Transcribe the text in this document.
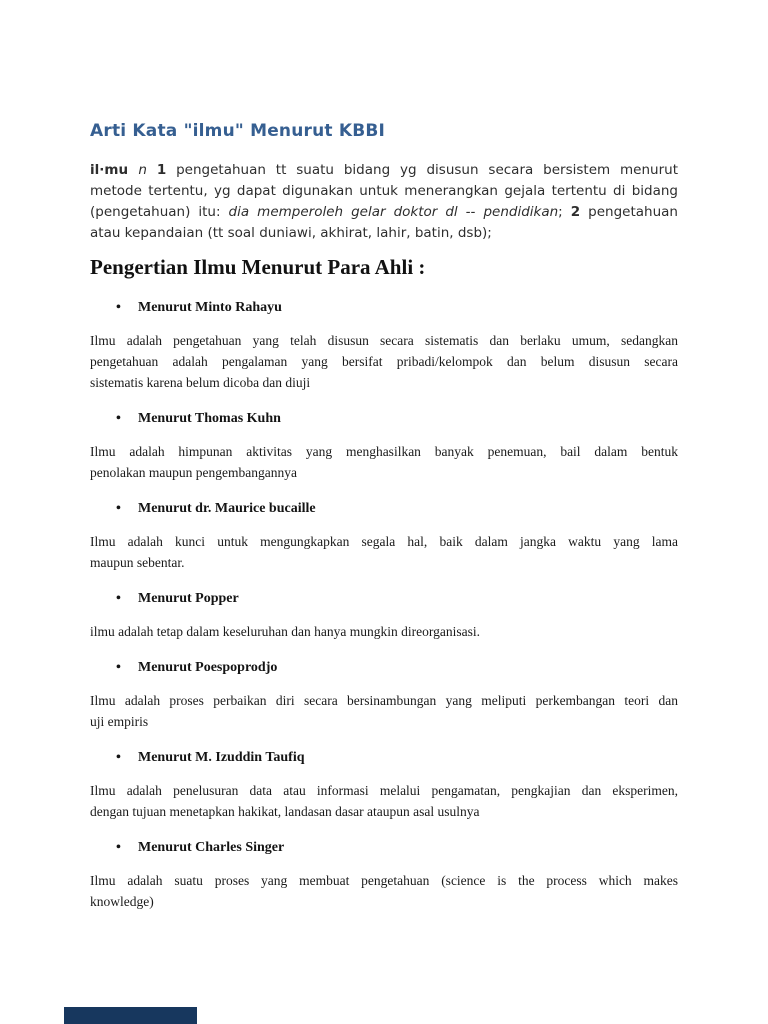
Arti Kata "ilmu" Menurut KBBI
il·mu n 1 pengetahuan tt suatu bidang yg disusun secara bersistem menurut
metode tertentu, yg dapat digunakan untuk menerangkan gejala tertentu di bidang
(pengetahuan) itu: dia memperoleh gelar doktor dl -- pendidikan; 2 pengetahuan
atau kepandaian (tt soal duniawi, akhirat, lahir, batin, dsb);
Pengertian Ilmu Menurut Para Ahli :
• Menurut Minto Rahayu
Ilmu adalah pengetahuan yang telah disusun secara sistematis dan berlaku umum, sedangkan
pengetahuan adalah pengalaman yang bersifat pribadi/kelompok dan belum disusun secara
sistematis karena belum dicoba dan diuji
• Menurut Thomas Kuhn
Ilmu adalah himpunan aktivitas yang menghasilkan banyak penemuan, bail dalam bentuk
penolakan maupun pengembangannya
• Menurut dr. Maurice bucaille
Ilmu adalah kunci untuk mengungkapkan segala hal, baik dalam jangka waktu yang lama
maupun sebentar.
• Menurut Popper
ilmu adalah tetap dalam keseluruhan dan hanya mungkin direorganisasi.
• Menurut Poespoprodjo
Ilmu adalah proses perbaikan diri secara bersinambungan yang meliputi perkembangan teori dan
uji empiris
• Menurut M. Izuddin Taufiq
Ilmu adalah penelusuran data atau informasi melalui pengamatan, pengkajian dan eksperimen,
dengan tujuan menetapkan hakikat, landasan dasar ataupun asal usulnya
• Menurut Charles Singer
Ilmu adalah suatu proses yang membuat pengetahuan (science is the process which makes
knowledge)
